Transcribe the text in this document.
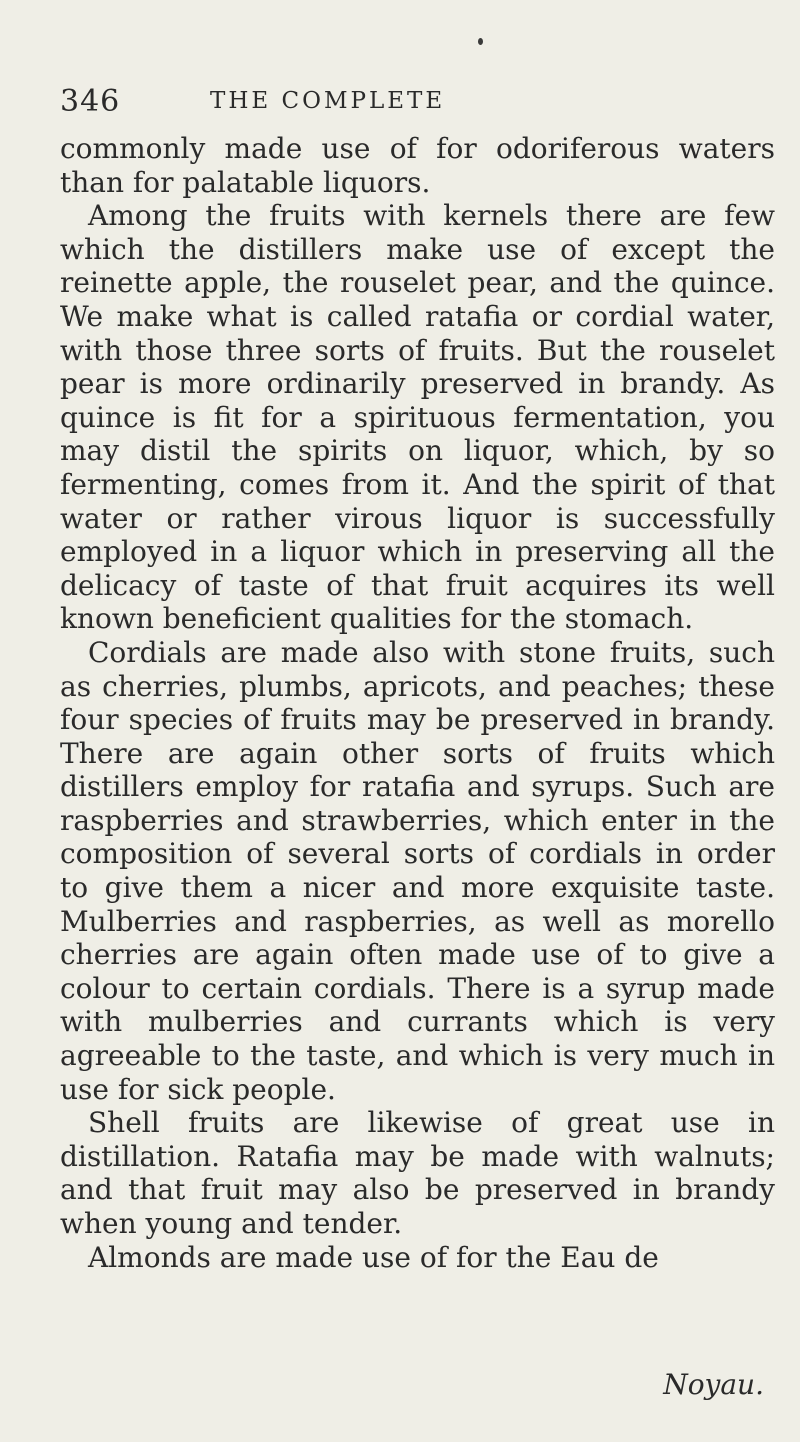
346	THE COMPLETE

commonly made use of for odoriferous waters than for palatable liquors.

Among the fruits with kernels there are few which the distillers make use of except the reinette apple, the rouselet pear, and the quince. We make what is called ratafia or cordial water, with those three sorts of fruits. But the rouselet pear is more ordinarily preserved in brandy. As quince is fit for a spirituous fermentation, you may distil the spirits on liquor, which, by so fermenting, comes from it. And the spirit of that water or rather virous liquor is successfully employed in a liquor which in preserving all the delicacy of taste of that fruit acquires its well known beneficient qualities for the stomach.

Cordials are made also with stone fruits, such as cherries, plumbs, apricots, and peaches; these four species of fruits may be preserved in brandy. There are again other sorts of fruits which distillers employ for ratafia and syrups. Such are raspberries and strawberries, which enter in the composition of several sorts of cordials in order to give them a nicer and more exquisite taste. Mulberries and raspberries, as well as morello cherries are again often made use of to give a colour to certain cordials. There is a syrup made with mulberries and currants which is very agreeable to the taste, and which is very much in use for sick people.

Shell fruits are likewise of great use in distillation. Ratafia may be made with walnuts; and that fruit may also be preserved in brandy when young and tender.

Almonds are made use of for the Eau de

Noyau.
